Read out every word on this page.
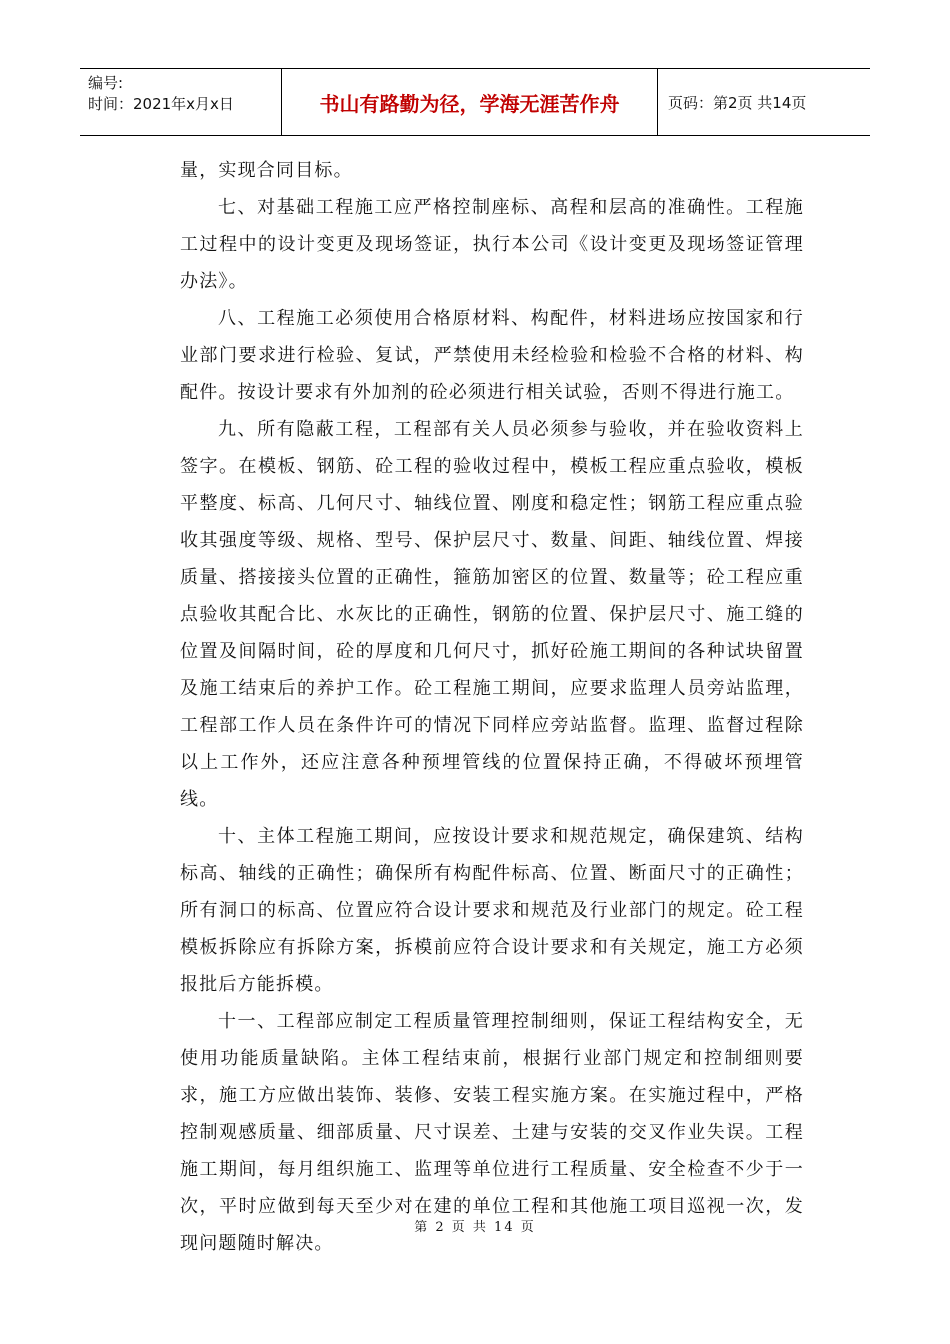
编号:
时间：2021年x月x日	书山有路勤为径，学海无涯苦作舟	页码：第2页 共14页

量，实现合同目标。

七、对基础工程施工应严格控制座标、高程和层高的准确性。工程施工过程中的设计变更及现场签证，执行本公司《设计变更及现场签证管理办法》。

八、工程施工必须使用合格原材料、构配件，材料进场应按国家和行业部门要求进行检验、复试，严禁使用未经检验和检验不合格的材料、构配件。按设计要求有外加剂的砼必须进行相关试验，否则不得进行施工。

九、所有隐蔽工程，工程部有关人员必须参与验收，并在验收资料上签字。在模板、钢筋、砼工程的验收过程中，模板工程应重点验收，模板平整度、标高、几何尺寸、轴线位置、刚度和稳定性；钢筋工程应重点验收其强度等级、规格、型号、保护层尺寸、数量、间距、轴线位置、焊接质量、搭接接头位置的正确性，箍筋加密区的位置、数量等；砼工程应重点验收其配合比、水灰比的正确性，钢筋的位置、保护层尺寸、施工缝的位置及间隔时间，砼的厚度和几何尺寸，抓好砼施工期间的各种试块留置及施工结束后的养护工作。砼工程施工期间，应要求监理人员旁站监理，工程部工作人员在条件许可的情况下同样应旁站监督。监理、监督过程除以上工作外，还应注意各种预埋管线的位置保持正确，不得破坏预埋管线。

十、主体工程施工期间，应按设计要求和规范规定，确保建筑、结构标高、轴线的正确性；确保所有构配件标高、位置、断面尺寸的正确性；所有洞口的标高、位置应符合设计要求和规范及行业部门的规定。砼工程模板拆除应有拆除方案，拆模前应符合设计要求和有关规定，施工方必须报批后方能拆模。

十一、工程部应制定工程质量管理控制细则，保证工程结构安全，无使用功能质量缺陷。主体工程结束前，根据行业部门规定和控制细则要求，施工方应做出装饰、装修、安装工程实施方案。在实施过程中，严格控制观感质量、细部质量、尺寸误差、土建与安装的交叉作业失误。工程施工期间，每月组织施工、监理等单位进行工程质量、安全检查不少于一次，平时应做到每天至少对在建的单位工程和其他施工项目巡视一次，发现问题随时解决。

第 2 页 共 14 页
